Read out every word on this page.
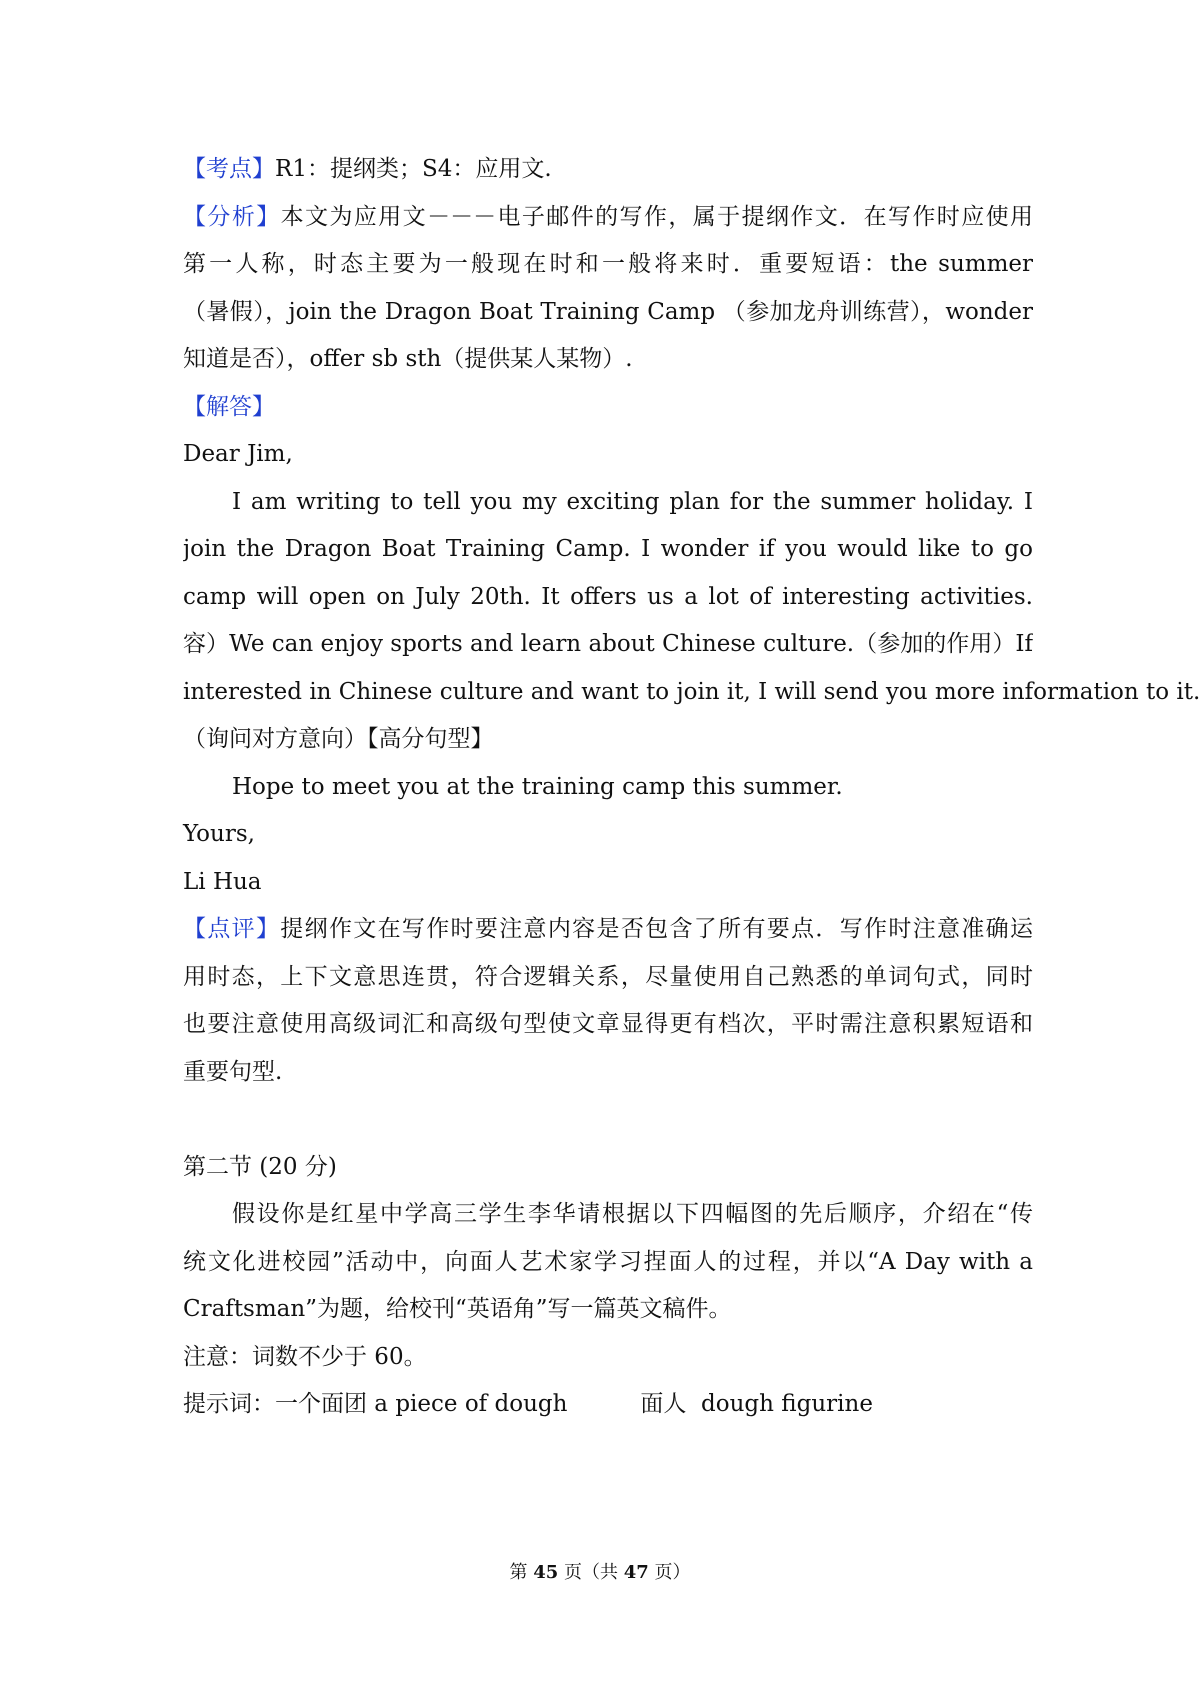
【考点】R1：提纲类；S4：应用文.
【分析】本文为应用文－－－电子邮件的写作，属于提纲作文．在写作时应使用
第一人称，时态主要为一般现在时和一般将来时．重要短语：the summer
（暑假），join the Dragon Boat Training Camp （参加龙舟训练营），wonder
知道是否），offer sb sth（提供某人某物）.
【解答】
Dear Jim,
I am writing to tell you my exciting plan for the summer holiday. I
join the Dragon Boat Training Camp. I wonder if you would like to go
camp will open on July 20th. It offers us a lot of interesting activities.
容）We can enjoy sports and learn about Chinese culture.（参加的作用）If
interested in Chinese culture and want to join it, I will send you more information to it.
（询问对方意向）【高分句型】
Hope to meet you at the training camp this summer.
Yours,
Li Hua
【点评】提纲作文在写作时要注意内容是否包含了所有要点．写作时注意准确运
用时态，上下文意思连贯，符合逻辑关系，尽量使用自己熟悉的单词句式，同时
也要注意使用高级词汇和高级句型使文章显得更有档次，平时需注意积累短语和
重要句型.
第二节 (20 分)
假设你是红星中学高三学生李华请根据以下四幅图的先后顺序，介绍在“传
统文化进校园”活动中，向面人艺术家学习捏面人的过程，并以“A Day with a
Craftsman”为题，给校刊“英语角”写一篇英文稿件。
注意：词数不少于 60。
提示词：一个面团 a piece of dough	面人  dough figurine
第 45 页（共 47 页）
